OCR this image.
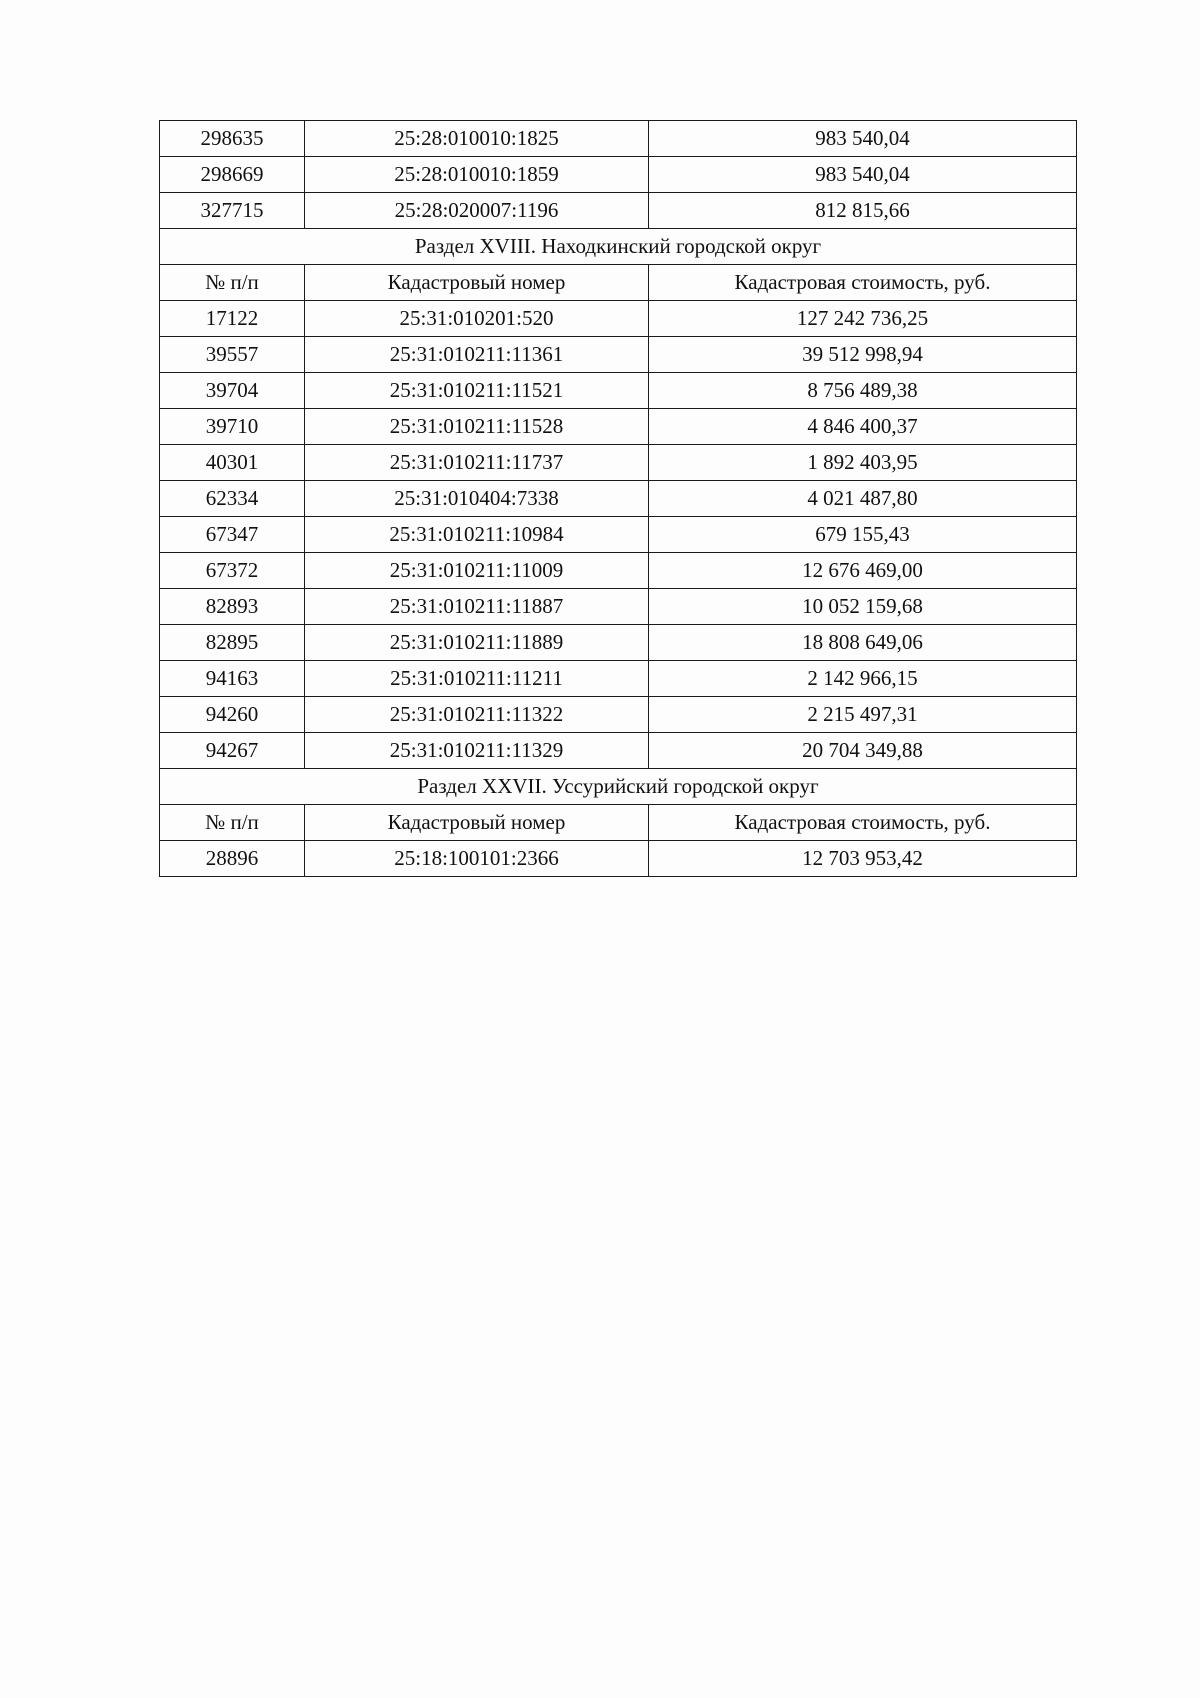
298635	25:28:010010:1825	983 540,04
298669	25:28:010010:1859	983 540,04
327715	25:28:020007:1196	812 815,66
Раздел XVIII. Находкинский городской округ		
№ п/п	Кадастровый номер	Кадастровая стоимость, руб.
17122	25:31:010201:520	127 242 736,25
39557	25:31:010211:11361	39 512 998,94
39704	25:31:010211:11521	8 756 489,38
39710	25:31:010211:11528	4 846 400,37
40301	25:31:010211:11737	1 892 403,95
62334	25:31:010404:7338	4 021 487,80
67347	25:31:010211:10984	679 155,43
67372	25:31:010211:11009	12 676 469,00
82893	25:31:010211:11887	10 052 159,68
82895	25:31:010211:11889	18 808 649,06
94163	25:31:010211:11211	2 142 966,15
94260	25:31:010211:11322	2 215 497,31
94267	25:31:010211:11329	20 704 349,88
Раздел XXVII. Уссурийский городской округ		
№ п/п	Кадастровый номер	Кадастровая стоимость, руб.
28896	25:18:100101:2366	12 703 953,42
